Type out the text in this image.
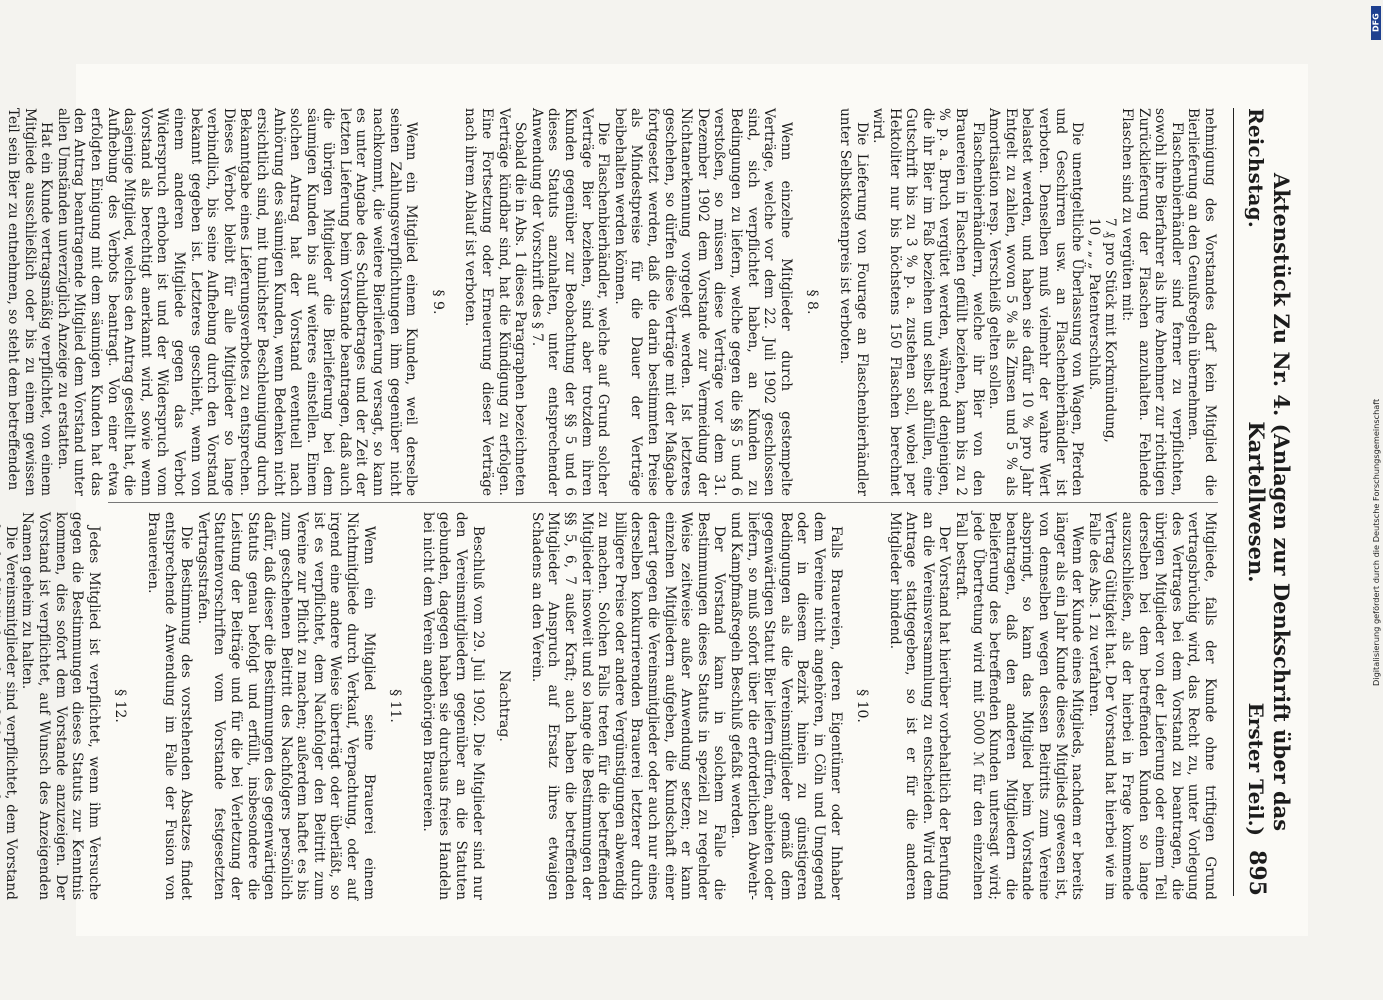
Reichstag.
Aktenstück Zu Nr. 4. (Anlagen zur Denkschrift über das Kartellwesen.
Erster Teil.)
895

nehmigung des Vorstandes darf kein Mitglied die Bierlieferung an den Genußregeln übernehmen.

Flaschenbierhändler sind ferner zu verpflichten, sowohl ihre Bierfahrer als ihre Abnehmer zur richtigen Zurücklieferung der Flaschen anzuhalten. Fehlende Flaschen sind zu vergüten mit:

7 ₰ pro Stück mit Korkmündung,

10 „ „ „ Patentverschluß.

Die unentgeltliche Überlassung von Wagen, Pferden und Geschirren usw. an Flaschenbierhändler ist verboten. Denselben muß vielmehr der wahre Wert belastet werden, und haben sie dafür 10 % pro Jahr Entgelt zu zahlen, wovon 5 % als Zinsen und 5 % als Amortisation resp. Verschleiß gelten sollen.

Flaschenbierhändlern, welche ihr Bier von den Brauereien in Flaschen gefüllt beziehen, kann bis zu 2 % p. a. Bruch vergütet werden, während denjenigen, die ihr Bier im Faß beziehen und selbst abfüllen, eine Gutschrift bis zu 3 % p. a. zustehen soll, wobei per Hektoliter nur bis höchstens 150 Flaschen berechnet wird.

Die Lieferung von Fourage an Flaschenbierhändler unter Selbstkostenpreis ist verboten.

§ 8.

Wenn einzelne Mitglieder durch gestempelte Verträge, welche vor dem 22. Juli 1902 geschlossen sind, sich verpflichtet haben, an Kunden zu Bedingungen zu liefern, welche gegen die §§ 5 und 6 verstoßen, so müssen diese Verträge vor dem 31. Dezember 1902 dem Vorstande zur Vermeidung der Nichtanerkennung vorgelegt werden. Ist letzteres geschehen, so dürfen diese Verträge mit der Maßgabe fortgesetzt werden, daß die darin bestimmten Preise als Mindestpreise für die Dauer der Verträge beibehalten werden können.

Die Flaschenbierhändler, welche auf Grund solcher Verträge Bier beziehen, sind aber trotzdem ihren Kunden gegenüber zur Beobachtung der §§ 5 und 6 dieses Statuts anzuhalten, unter entsprechender Anwendung der Vorschrift des § 7.

Sobald die in Abs. 1 dieses Paragraphen bezeichneten Verträge kündbar sind, hat die Kündigung zu erfolgen. Eine Fortsetzung oder Erneuerung dieser Verträge nach ihrem Ablauf ist verboten.

§ 9.

Wenn ein Mitglied einem Kunden, weil derselbe seinen Zahlungsverpflichtungen ihm gegenüber nicht nachkommt, die weitere Bierlieferung versagt, so kann es unter Angabe des Schuldbetrages und der Zeit der letzten Lieferung beim Vorstande beantragen, daß auch die übrigen Mitglieder die Bierlieferung bei dem säumigen Kunden bis auf weiteres einstellen. Einem solchen Antrag hat der Vorstand eventuell nach Anhörung des säumigen Kunden, wenn Bedenken nicht ersichtlich sind, mit tunlichster Beschleunigung durch Bekanntgabe eines Lieferungsverbotes zu entsprechen. Dieses Verbot bleibt für alle Mitglieder so lange verbindlich, bis seine Aufhebung durch den Vorstand bekannt gegeben ist. Letzteres geschieht, wenn von einem anderen Mitgliede gegen das Verbot Widerspruch erhoben ist und der Widerspruch vom Vorstand als berechtigt anerkannt wird, sowie wenn dasjenige Mitglied, welches den Antrag gestellt hat, die Aufhebung des Verbots beantragt. Von einer etwa erfolgten Einigung mit dem säumigen Kunden hat das den Antrag beantragende Mitglied dem Vorstand unter allen Umständen unverzüglich Anzeige zu erstatten.

Hat ein Kunde vertragsmäßig verpflichtet, von einem Mitgliede ausschließlich oder bis zu einem gewissen Teil sein Bier zu entnehmen, so steht dem betreffenden

Mitgliede, falls der Kunde ohne triftigen Grund vertragsbrüchig wird, das Recht zu, unter Vorlegung des Vertrages bei dem Vorstand zu beantragen, die übrigen Mitglieder von der Lieferung oder einem Teil derselben bei dem betreffenden Kunden so lange auszuschließen, als der hierbei in Frage kommende Vertrag Gültigkeit hat. Der Vorstand hat hierbei wie im Falle des Abs. 1 zu verfahren.

Wenn der Kunde eines Mitglieds, nachdem er bereits länger als ein Jahr Kunde dieses Mitglieds gewesen ist, von demselben wegen dessen Beitritts zum Vereine abspringt, so kann das Mitglied beim Vorstande beantragen, daß den anderen Mitgliedern die Belieferung des betreffenden Kunden untersagt wird; jede Übertretung wird mit 5000 ℳ für den einzelnen Fall bestraft.

Der Vorstand hat hierüber vorbehaltlich der Berufung an die Vereinsversammlung zu entscheiden. Wird dem Antrage stattgegeben, so ist er für die anderen Mitglieder bindend.

§ 10.

Falls Brauereien, deren Eigentümer oder Inhaber dem Vereine nicht angehören, in Cöln und Umgegend oder in diesem Bezirk hinein zu günstigeren Bedingungen als die Vereinsmitglieder gemäß dem gegenwärtigen Statut Bier liefern dürfen, anbieten oder liefern, so muß sofort über die erforderlichen Abwehr- und Kampfmaßregeln Beschluß gefaßt werden.

Der Vorstand kann in solchem Falle die Bestimmungen dieses Statuts in speziell zu regelnder Weise zeitweise außer Anwendung setzen; er kann einzelnen Mitgliedern aufgeben, die Kundschaft einer derart gegen die Vereinsmitglieder oder auch nur eines derselben konkurrierenden Brauerei letzterer durch billigere Preise oder andere Vergünstigungen abwendig zu machen. Solchen Falls treten für die betreffenden Mitglieder insoweit und so lange die Bestimmungen der §§ 5, 6, 7 außer Kraft; auch haben die betreffenden Mitglieder Anspruch auf Ersatz ihres etwaigen Schadens an den Verein.

Nachtrag.

Beschluß vom 29. Juli 1902. Die Mitglieder sind nur den Vereinsmitgliedern gegenüber an die Statuten gebunden, dagegen haben sie durchaus freies Handeln bei nicht dem Verein angehörigen Brauereien.

§ 11.

Wenn ein Mitglied seine Brauerei einem Nichtmitgliede durch Verkauf, Verpachtung, oder auf irgend eine andere Weise überträgt oder überläßt, so ist es verpflichtet, dem Nachfolger den Beitritt zum Vereine zur Pflicht zu machen; außerdem haftet es bis zum geschehenen Beitritt des Nachfolgers persönlich dafür, daß dieser die Bestimmungen des gegenwärtigen Statuts genau befolgt und erfüllt, insbesondere die Leistung der Beiträge und für die bei Verletzung der Statutenvorschriften vom Vorstande festgesetzten Vertragsstrafen.

Die Bestimmung des vorstehenden Absatzes findet entsprechende Anwendung im Falle der Fusion von Brauereien.

§ 12.

Jedes Mitglied ist verpflichtet, wenn ihm Versuche gegen die Bestimmungen dieses Statuts zur Kenntnis kommen, dies sofort dem Vorstande anzuzeigen. Der Vorstand ist verpflichtet, auf Wunsch des Anzeigenden Namen geheim zu halten.

Die Vereinsmitglieder sind verpflichtet, dem Vorstand

DFG
Digitalisierung gefördert durch die Deutsche Forschungsgemeinschaft
